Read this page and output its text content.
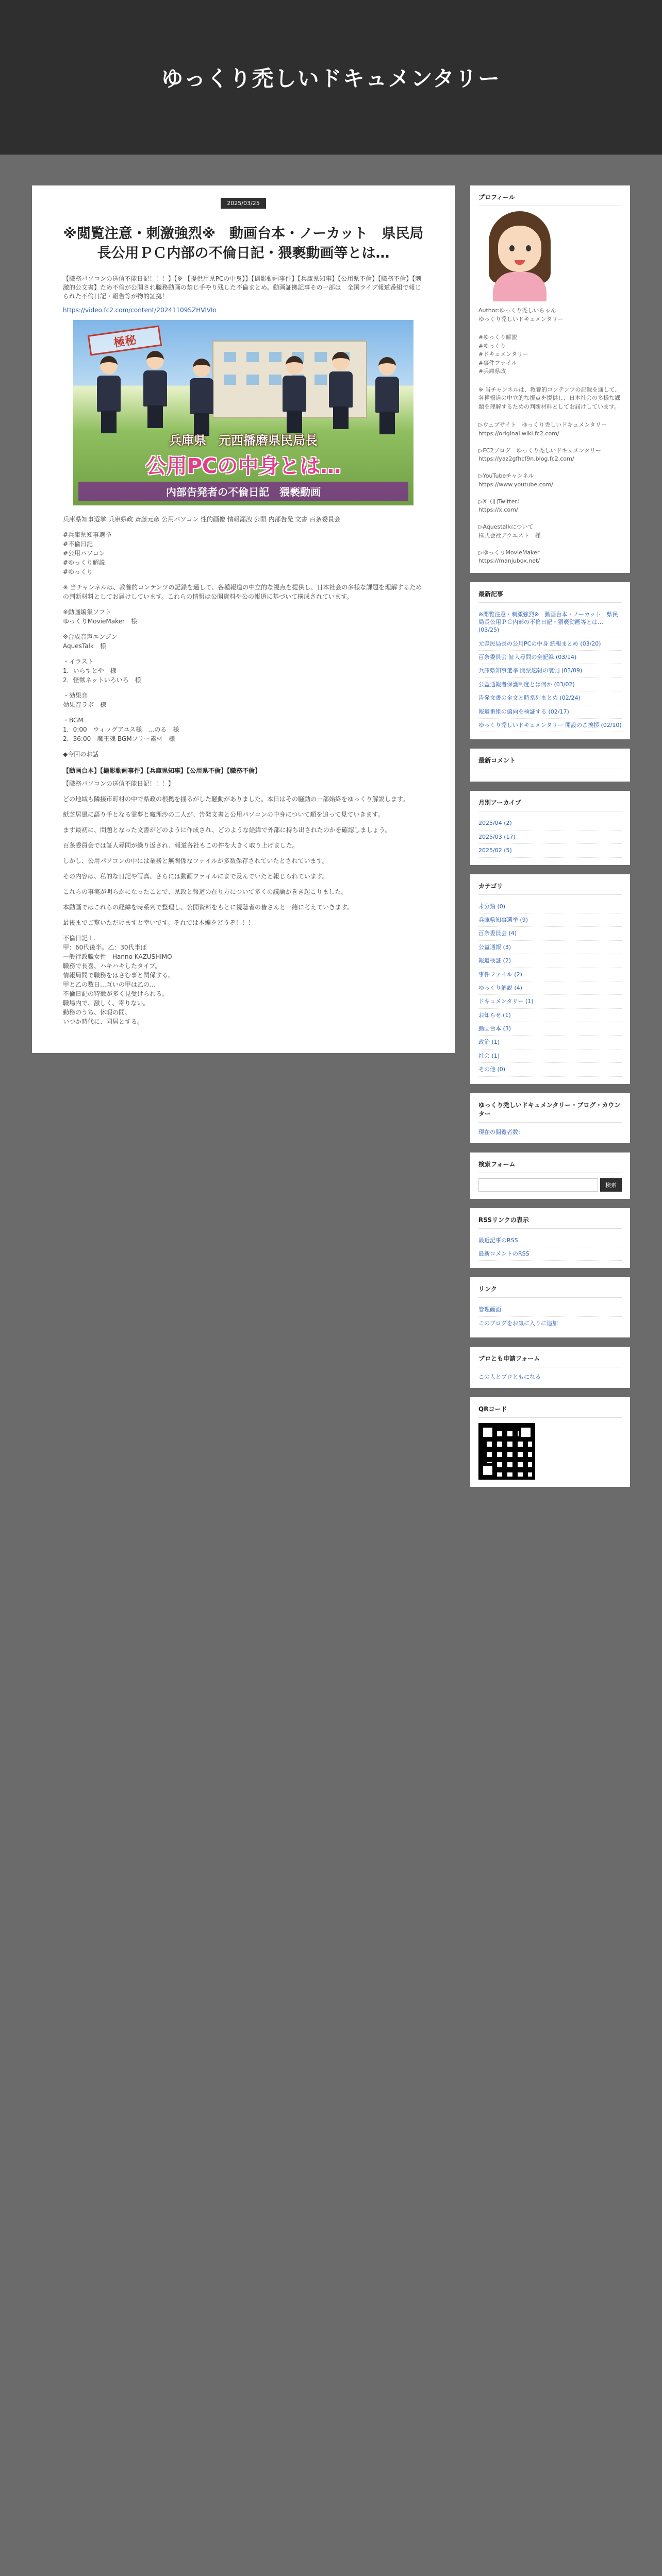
ゆっくり禿しいドキュメンタリー
2025/03/25
※閲覧注意・刺激強烈※　動画台本・ノーカット　県民局長公用ＰＣ内部の不倫日記・猥褻動画等とは…

【職務パソコンの送信不能日記！！！】【※ 【提供用県PCの中身】】【撮影動画事件】【兵庫県知事】【公用県不倫】【職務不倫】【刺激的公文書】ため不倫が公開され職務動画の禁じ手やり残した不倫まとめ。動画証拠記事その一部は　全国ライブ報道番組で報じられた不倫日記・報告等が物的証拠！

https://video.fc2.com/content/20241109SZHVlVIn
極秘
兵庫県　元西播磨県民局長
公用PCの中身とは…
内部告発者の不倫日記　猥褻動画

兵庫県知事選挙 兵庫県政 斎藤元彦 公用パソコン 性的画像 情報漏洩 公開 内部告発 文書 百条委員会

#兵庫県知事選挙
#不倫日記
#公用パソコン
#ゆっくり解説
#ゆっくり

※ 当チャンネルは、教養的コンテンツの記録を通して、各種報道の中立的な視点を提供し、日本社会の多様な課題を理解するための判断材料としてお届けしています。これらの情報は公開資料や公の報道に基づいて構成されています。

※動画編集ソフト
ゆっくりMovieMaker　様

※合成音声エンジン
AquesTalk　様

・イラスト
1．いらすとや　様
2．怪獣ネットいろいろ　様

・効果音
効果音ラボ　様

・BGM
1．0:00　ウィッグアユス様　…のる　様
2．36:00　魔王魂 BGMフリー素材　様

◆今回のお話

【動画台本】【撮影動画事件】【兵庫県知事】【公用県不倫】【職務不倫】

【職務パソコンの送信不能日記！！！】

どの地域も隣接市町村の中で県政の根拠を揺るがした騒動がありました。本日はその騒動の一部始終をゆっくり解説します。

紙芝居風に語り手となる霊夢と魔理沙の二人が、告発文書と公用パソコンの中身について順を追って見ていきます。

まず最初に、問題となった文書がどのように作成され、どのような経緯で外部に持ち出されたのかを確認しましょう。

百条委員会では証人尋問が繰り返され、報道各社もこの件を大きく取り上げました。

しかし、公用パソコンの中には業務と無関係なファイルが多数保存されていたとされています。

その内容は、私的な日記や写真、さらには動画ファイルにまで及んでいたと報じられています。

これらの事実が明らかになったことで、県政と報道の在り方について多くの議論が巻き起こりました。

本動画ではこれらの経緯を時系列で整理し、公開資料をもとに視聴者の皆さんと一緒に考えていきます。

最後までご覧いただけますと幸いです。それでは本編をどうぞ！！！

不倫日記１.
甲：60代後半。乙：30代半ば
一般行政職女性　Hanno KAZUSHIMO
職務で長喜、ハキハキしたタイプ。
情報局間で職務をはさむ事と関係する。
甲と乙の数日…互いの甲は乙の…
不倫日記の特徴が多く見受けられる。
職場内で、激しく、寄りない。
勤務のうち、休暇の間、
いつか時代に、同居とする。

プロフィール

Author:ゆっくり禿しいちゃん
ゆっくり禿しいドキュメンタリー

#ゆっくり解説
#ゆっくり
#ドキュメンタリー
#事件ファイル
#兵庫県政

※ 当チャンネルは、教養的コンテンツの記録を通して、各種報道の中立的な視点を提供し、日本社会の多様な課題を理解するための判断材料としてお届けしています。

▷ウェブサイト　ゆっくり禿しいドキュメンタリー
https://original.wiki.fc2.com/

▷FC2ブログ　ゆっくり禿しいドキュメンタリー
https://yaz2gfhcf9n.blog.fc2.com/

▷YouTubeチャンネル
https://www.youtube.com/

▷X（旧Twitter）
https://x.com/

▷Aquestalkについて
株式会社アクエスト　様

▷ゆっくりMovieMaker
https://manjubox.net/

最新記事
※閲覧注意・刺激強烈※　動画台本・ノーカット　県民局長公用ＰＣ内部の不倫日記・猥褻動画等とは… (03/25)
元県民局長の公用PCの中身 続報まとめ (03/20)
百条委員会 証人尋問の全記録 (03/14)
兵庫県知事選挙 開票速報の裏側 (03/09)
公益通報者保護制度とは何か (03/02)
告発文書の全文と時系列まとめ (02/24)
報道番組の偏向を検証する (02/17)
ゆっくり禿しいドキュメンタリー 開設のご挨拶 (02/10)
最新コメント
月別アーカイブ
2025/04 (2)
2025/03 (17)
2025/02 (5)
カテゴリ
未分類 (0)
兵庫県知事選挙 (9)
百条委員会 (4)
公益通報 (3)
報道検証 (2)
事件ファイル (2)
ゆっくり解説 (4)
ドキュメンタリー (1)
お知らせ (1)
動画台本 (3)
政治 (1)
社会 (1)
その他 (0)
ゆっくり禿しいドキュメンタリー・ブログ・カウンター
現在の閲覧者数:
検索フォーム
検索
RSSリンクの表示
最近記事のRSS
最新コメントのRSS
リンク
管理画面
このブログをお気に入りに追加
ブロとも申請フォーム
この人とブロともになる
QRコード
